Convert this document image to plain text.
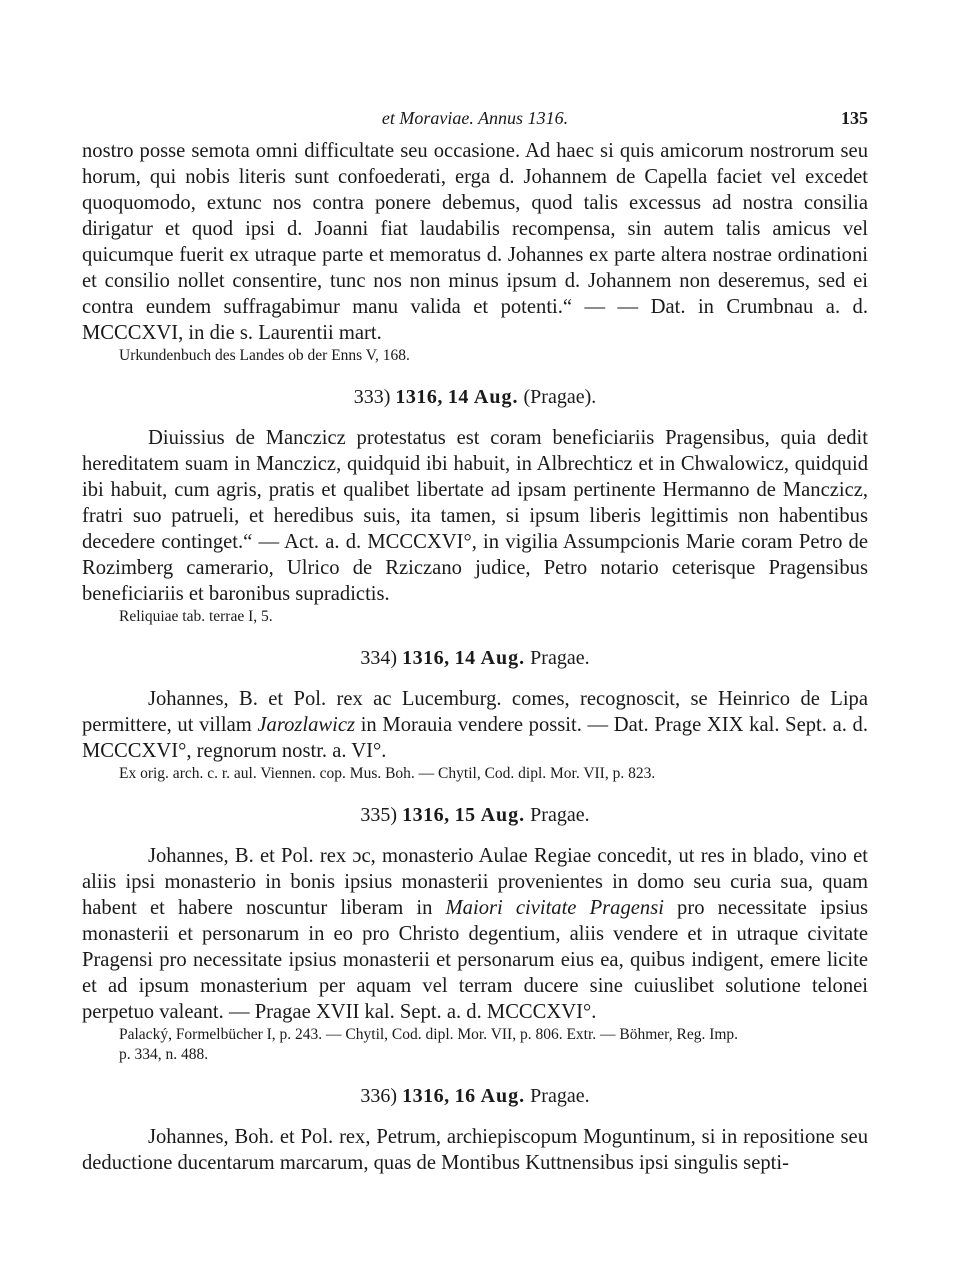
et Moraviae. Annus 1316.	135

nostro posse semota omni difficultate seu occasione. Ad haec si quis amicorum nostrorum seu horum, qui nobis literis sunt confoederati, erga d. Johannem de Capella faciet vel excedet quoquomodo, extunc nos contra ponere debemus, quod talis excessus ad nostra consilia dirigatur et quod ipsi d. Joanni fiat laudabilis recompensa, sin autem talis amicus vel quicumque fuerit ex utraque parte et memoratus d. Johannes ex parte altera nostrae ordinationi et consilio nollet consentire, tunc nos non minus ipsum d. Johannem non deseremus, sed ei contra eundem suffragabimur manu valida et potenti.“ — — Dat. in Crumbnau a. d. MCCCXVI, in die s. Laurentii mart.

Urkundenbuch des Landes ob der Enns V, 168.

333) 1316, 14 Aug. (Pragae).

Diuissius de Manczicz protestatus est coram beneficiariis Pragensibus, quia dedit hereditatem suam in Manczicz, quidquid ibi habuit, in Albrechticz et in Chwalowicz, quidquid ibi habuit, cum agris, pratis et qualibet libertate ad ipsam pertinente Hermanno de Manczicz, fratri suo patrueli, et heredibus suis, ita tamen, si ipsum liberis legittimis non habentibus decedere continget.“ — Act. a. d. MCCCXVI°, in vigilia Assumpcionis Marie coram Petro de Rozimberg camerario, Ulrico de Rziczano judice, Petro notario ceterisque Pragensibus beneficiariis et baronibus supradictis.

Reliquiae tab. terrae I, 5.

334) 1316, 14 Aug. Pragae.

Johannes, B. et Pol. rex ac Lucemburg. comes, recognoscit, se Heinrico de Lipa permittere, ut villam Jarozlawicz in Morauia vendere possit. — Dat. Prage XIX kal. Sept. a. d. MCCCXVI°, regnorum nostr. a. VI°.

Ex orig. arch. c. r. aul. Viennen. cop. Mus. Boh. — Chytil, Cod. dipl. Mor. VII, p. 823.

335) 1316, 15 Aug. Pragae.

Johannes, B. et Pol. rex ɔc, monasterio Aulae Regiae concedit, ut res in blado, vino et aliis ipsi monasterio in bonis ipsius monasterii provenientes in domo seu curia sua, quam habent et habere noscuntur liberam in Maiori civitate Pragensi pro necessitate ipsius monasterii et personarum in eo pro Christo degentium, aliis vendere et in utraque civitate Pragensi pro necessitate ipsius monasterii et personarum eius ea, quibus indigent, emere licite et ad ipsum monasterium per aquam vel terram ducere sine cuiuslibet solutione telonei perpetuo valeant. — Pragae XVII kal. Sept. a. d. MCCCXVI°.

Palacký, Formelbücher I, p. 243. — Chytil, Cod. dipl. Mor. VII, p. 806. Extr. — Böhmer, Reg. Imp.
p. 334, n. 488.

336) 1316, 16 Aug. Pragae.

Johannes, Boh. et Pol. rex, Petrum, archiepiscopum Moguntinum, si in repositione seu deductione ducentarum marcarum, quas de Montibus Kuttnensibus ipsi singulis septi-
